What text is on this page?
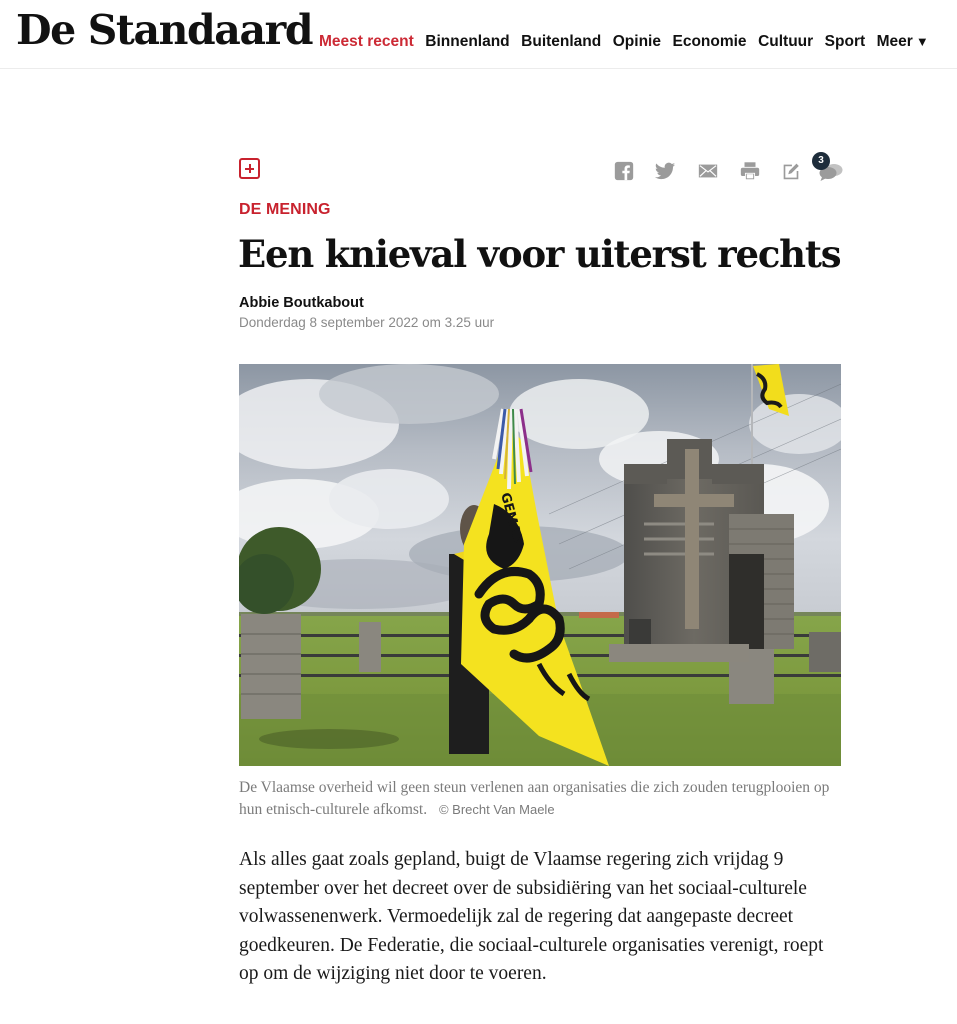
De Standaard Meest recent Binnenland Buitenland Opinie Economie Cultuur Sport Meer ▼
3
DE MENING
Een knieval voor uiterst rechts
Abbie Boutkabout
Donderdag 8 september 2022 om 3.25 uur
GEMAK
De Vlaamse overheid wil geen steun verlenen aan organisaties die zich zouden terugplooien op hun etnisch-culturele afkomst. © Brecht Van Maele

Als alles gaat zoals gepland, buigt de Vlaamse regering zich vrijdag 9 september over het decreet over de subsidiëring van het sociaal-culturele volwassenenwerk. Vermoedelijk zal de regering dat aangepaste decreet goedkeuren. De Federatie, die sociaal-culturele organisaties verenigt, roept op om de wijziging niet door te voeren.
